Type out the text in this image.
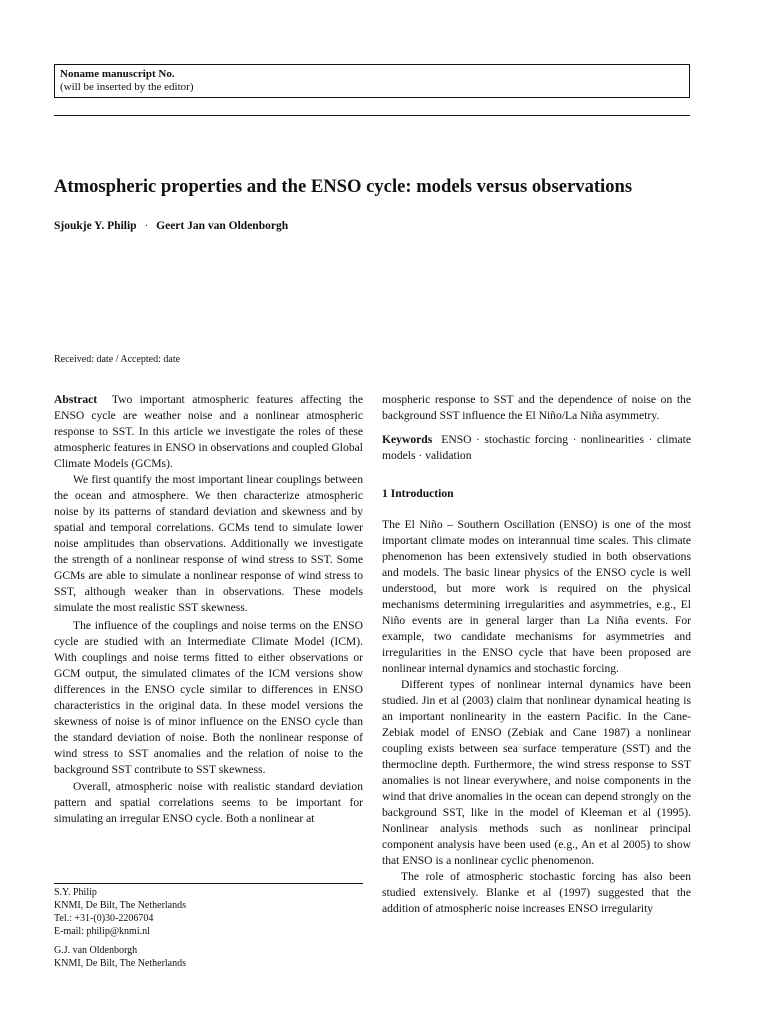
Noname manuscript No.
(will be inserted by the editor)
Atmospheric properties and the ENSO cycle: models versus observations
Sjoukje Y. Philip · Geert Jan van Oldenborgh
Received: date / Accepted: date

Abstract Two important atmospheric features affecting the ENSO cycle are weather noise and a nonlinear atmospheric response to SST. In this article we investigate the roles of these atmospheric features in ENSO in observations and coupled Global Climate Models (GCMs).

We first quantify the most important linear couplings between the ocean and atmosphere. We then characterize atmospheric noise by its patterns of standard deviation and skewness and by spatial and temporal correlations. GCMs tend to simulate lower noise amplitudes than observations. Additionally we investigate the strength of a nonlinear response of wind stress to SST. Some GCMs are able to simulate a nonlinear response of wind stress to SST, although weaker than in observations. These models simulate the most realistic SST skewness.

The influence of the couplings and noise terms on the ENSO cycle are studied with an Intermediate Climate Model (ICM). With couplings and noise terms fitted to either observations or GCM output, the simulated climates of the ICM versions show differences in the ENSO cycle similar to differences in ENSO characteristics in the original data. In these model versions the skewness of noise is of minor influence on the ENSO cycle than the standard deviation of noise. Both the nonlinear response of wind stress to SST anomalies and the relation of noise to the background SST contribute to SST skewness.

Overall, atmospheric noise with realistic standard deviation pattern and spatial correlations seems to be important for simulating an irregular ENSO cycle. Both a nonlinear at

mospheric response to SST and the dependence of noise on the background SST influence the El Niño/La Niña asymmetry.

Keywords ENSO · stochastic forcing · nonlinearities · climate models · validation

1 Introduction

The El Niño – Southern Oscillation (ENSO) is one of the most important climate modes on interannual time scales. This climate phenomenon has been extensively studied in both observations and models. The basic linear physics of the ENSO cycle is well understood, but more work is required on the physical mechanisms determining irregularities and asymmetries, e.g., El Niño events are in general larger than La Niña events. For example, two candidate mechanisms for asymmetries and irregularities in the ENSO cycle that have been proposed are nonlinear internal dynamics and stochastic forcing.

Different types of nonlinear internal dynamics have been studied. Jin et al (2003) claim that nonlinear dynamical heating is an important nonlinearity in the eastern Pacific. In the Cane-Zebiak model of ENSO (Zebiak and Cane 1987) a nonlinear coupling exists between sea surface temperature (SST) and the thermocline depth. Furthermore, the wind stress response to SST anomalies is not linear everywhere, and noise components in the wind that drive anomalies in the ocean can depend strongly on the background SST, like in the model of Kleeman et al (1995). Nonlinear analysis methods such as nonlinear principal component analysis have been used (e.g., An et al 2005) to show that ENSO is a nonlinear cyclic phenomenon.

The role of atmospheric stochastic forcing has also been studied extensively. Blanke et al (1997) suggested that the addition of atmospheric noise increases ENSO irregularity

S.Y. Philip
KNMI, De Bilt, The Netherlands
Tel.: +31-(0)30-2206704
E-mail: philip@knmi.nl
G.J. van Oldenborgh
KNMI, De Bilt, The Netherlands
